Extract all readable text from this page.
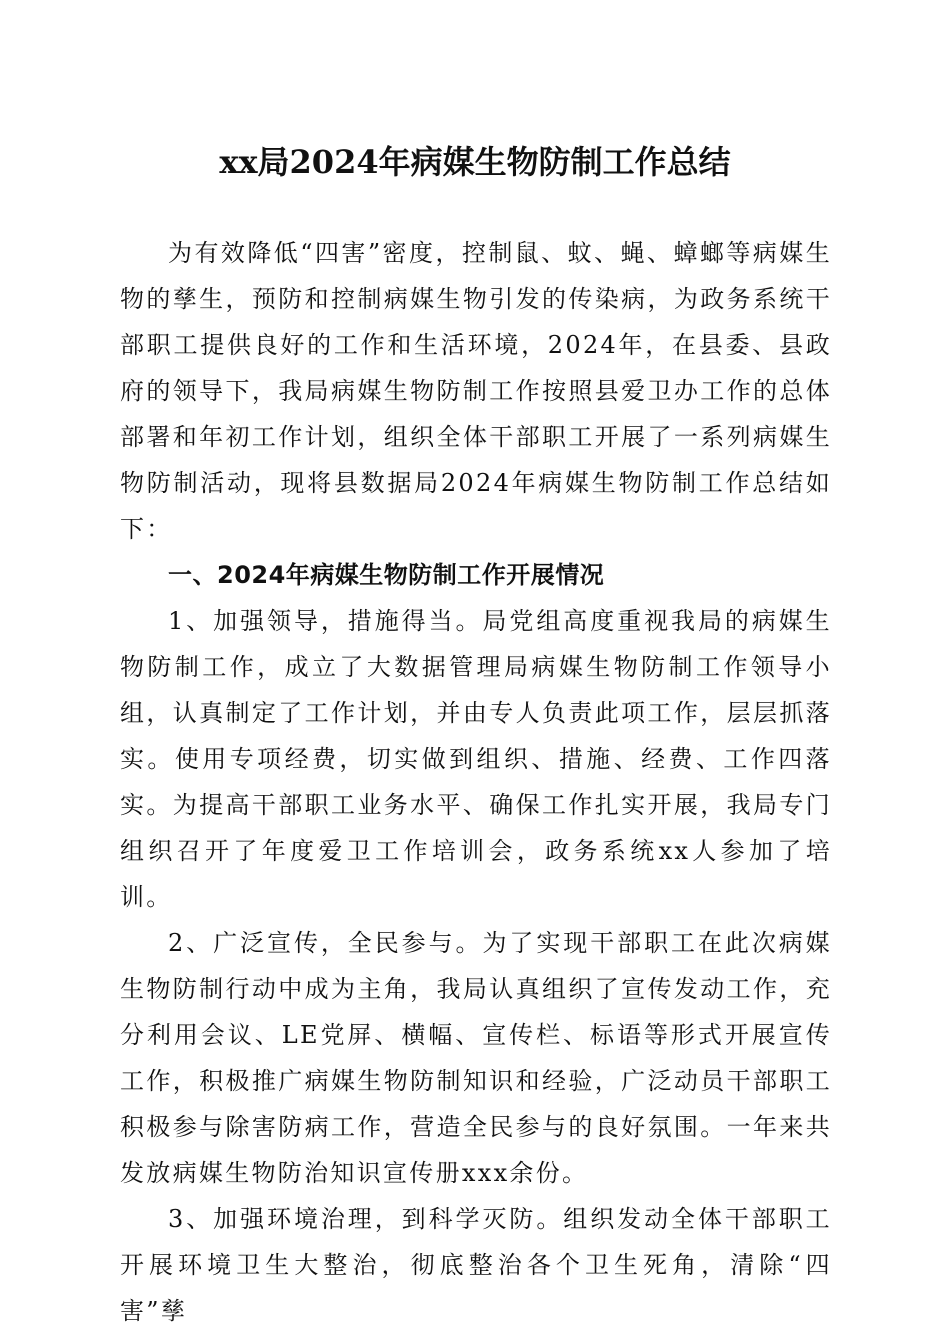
xx局2024年病媒生物防制工作总结

为有效降低“四害”密度，控制鼠、蚊、蝇、蟑螂等病媒生物的孳生，预防和控制病媒生物引发的传染病，为政务系统干部职工提供良好的工作和生活环境，2024年，在县委、县政府的领导下，我局病媒生物防制工作按照县爱卫办工作的总体部署和年初工作计划，组织全体干部职工开展了一系列病媒生物防制活动，现将县数据局2024年病媒生物防制工作总结如下：

一、2024年病媒生物防制工作开展情况

1、加强领导，措施得当。局党组高度重视我局的病媒生物防制工作，成立了大数据管理局病媒生物防制工作领导小组，认真制定了工作计划，并由专人负责此项工作，层层抓落实。使用专项经费，切实做到组织、措施、经费、工作四落实。为提高干部职工业务水平、确保工作扎实开展，我局专门组织召开了年度爱卫工作培训会，政务系统xx人参加了培训。

2、广泛宣传，全民参与。为了实现干部职工在此次病媒生物防制行动中成为主角，我局认真组织了宣传发动工作，充分利用会议、LE党屏、横幅、宣传栏、标语等形式开展宣传工作，积极推广病媒生物防制知识和经验，广泛动员干部职工积极参与除害防病工作，营造全民参与的良好氛围。一年来共发放病媒生物防治知识宣传册xxx余份。

3、加强环境治理，到科学灭防。组织发动全体干部职工开展环境卫生大整治，彻底整治各个卫生死角，清除“四害”孳
